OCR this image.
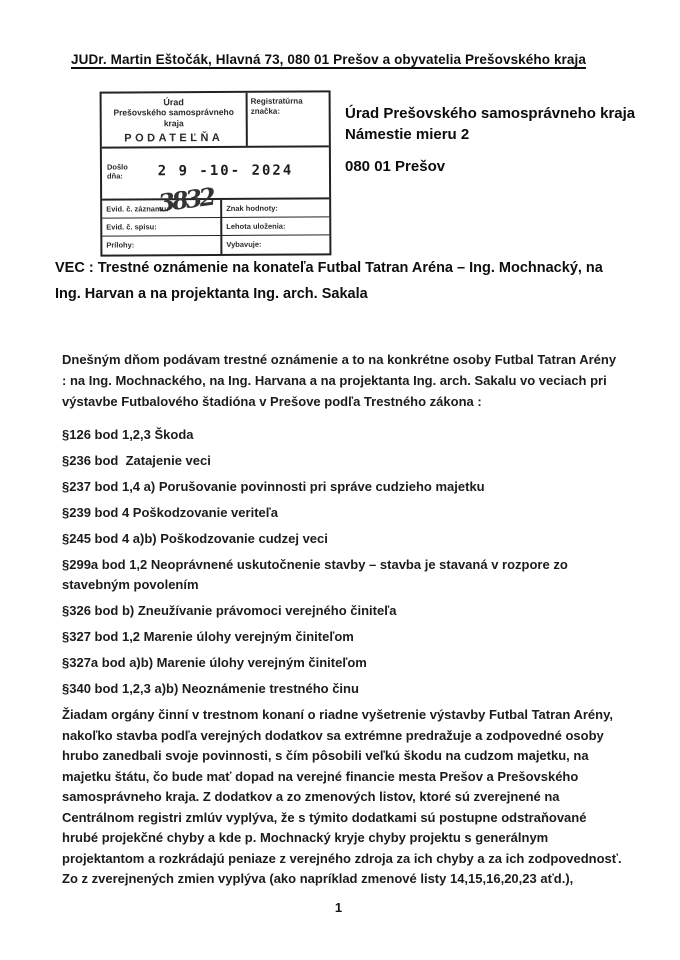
JUDr. Martin Eštočák, Hlavná 73, 080 01 Prešov a obyvatelia Prešovského kraja
Úrad
Prešovského samosprávneho kraja
PODATEĽŇA
Registratúrna značka:
Došlo
dňa:	2 9 -10- 2024
Evid. č. záznamu:	Znak hodnoty:
Evid. č. spisu:	Lehota uloženia:
Prílohy:	Vybavuje:
3832
Úrad Prešovského samosprávneho kraja
Námestie mieru 2
080 01 Prešov
VEC : Trestné oznámenie na konateľa Futbal Tatran Aréna – Ing. Mochnacký, na Ing. Harvan a na projektanta Ing. arch. Sakala
Dnešným dňom podávam trestné oznámenie a to na konkrétne osoby Futbal Tatran Arény : na Ing. Mochnackého, na Ing. Harvana a na projektanta Ing. arch. Sakalu vo veciach pri výstavbe Futbalového štadióna v Prešove podľa Trestného zákona :
§126 bod 1,2,3 Škoda
§236 bod  Zatajenie veci
§237 bod 1,4 a) Porušovanie povinnosti pri správe cudzieho majetku
§239 bod 4 Poškodzovanie veriteľa
§245 bod 4 a)b) Poškodzovanie cudzej veci
§299a bod 1,2 Neoprávnené uskutočnenie stavby – stavba je stavaná v rozpore zo stavebným povolením
§326 bod b) Zneužívanie právomoci verejného činiteľa
§327 bod 1,2 Marenie úlohy verejným činiteľom
§327a bod a)b) Marenie úlohy verejným činiteľom
§340 bod 1,2,3 a)b) Neoznámenie trestného činu
Žiadam orgány činní v trestnom konaní o riadne vyšetrenie výstavby Futbal Tatran Arény, nakoľko stavba podľa verejných dodatkov sa extrémne predražuje a zodpovedné osoby hrubo zanedbali svoje povinnosti, s čím pôsobili veľkú škodu na cudzom majetku, na majetku štátu, čo bude mať dopad na verejné financie mesta Prešov a Prešovského samosprávneho kraja. Z dodatkov a zo zmenových listov, ktoré sú zverejnené na Centrálnom registri zmlúv vyplýva, že s týmito dodatkami sú postupne odstraňované hrubé projekčné chyby a kde p. Mochnacký kryje chyby projektu s generálnym projektantom a rozkrádajú peniaze z verejného zdroja za ich chyby a za ich zodpovednosť. Zo z zverejnených zmien vyplýva (ako napríklad zmenové listy 14,15,16,20,23 aťd.),
1
